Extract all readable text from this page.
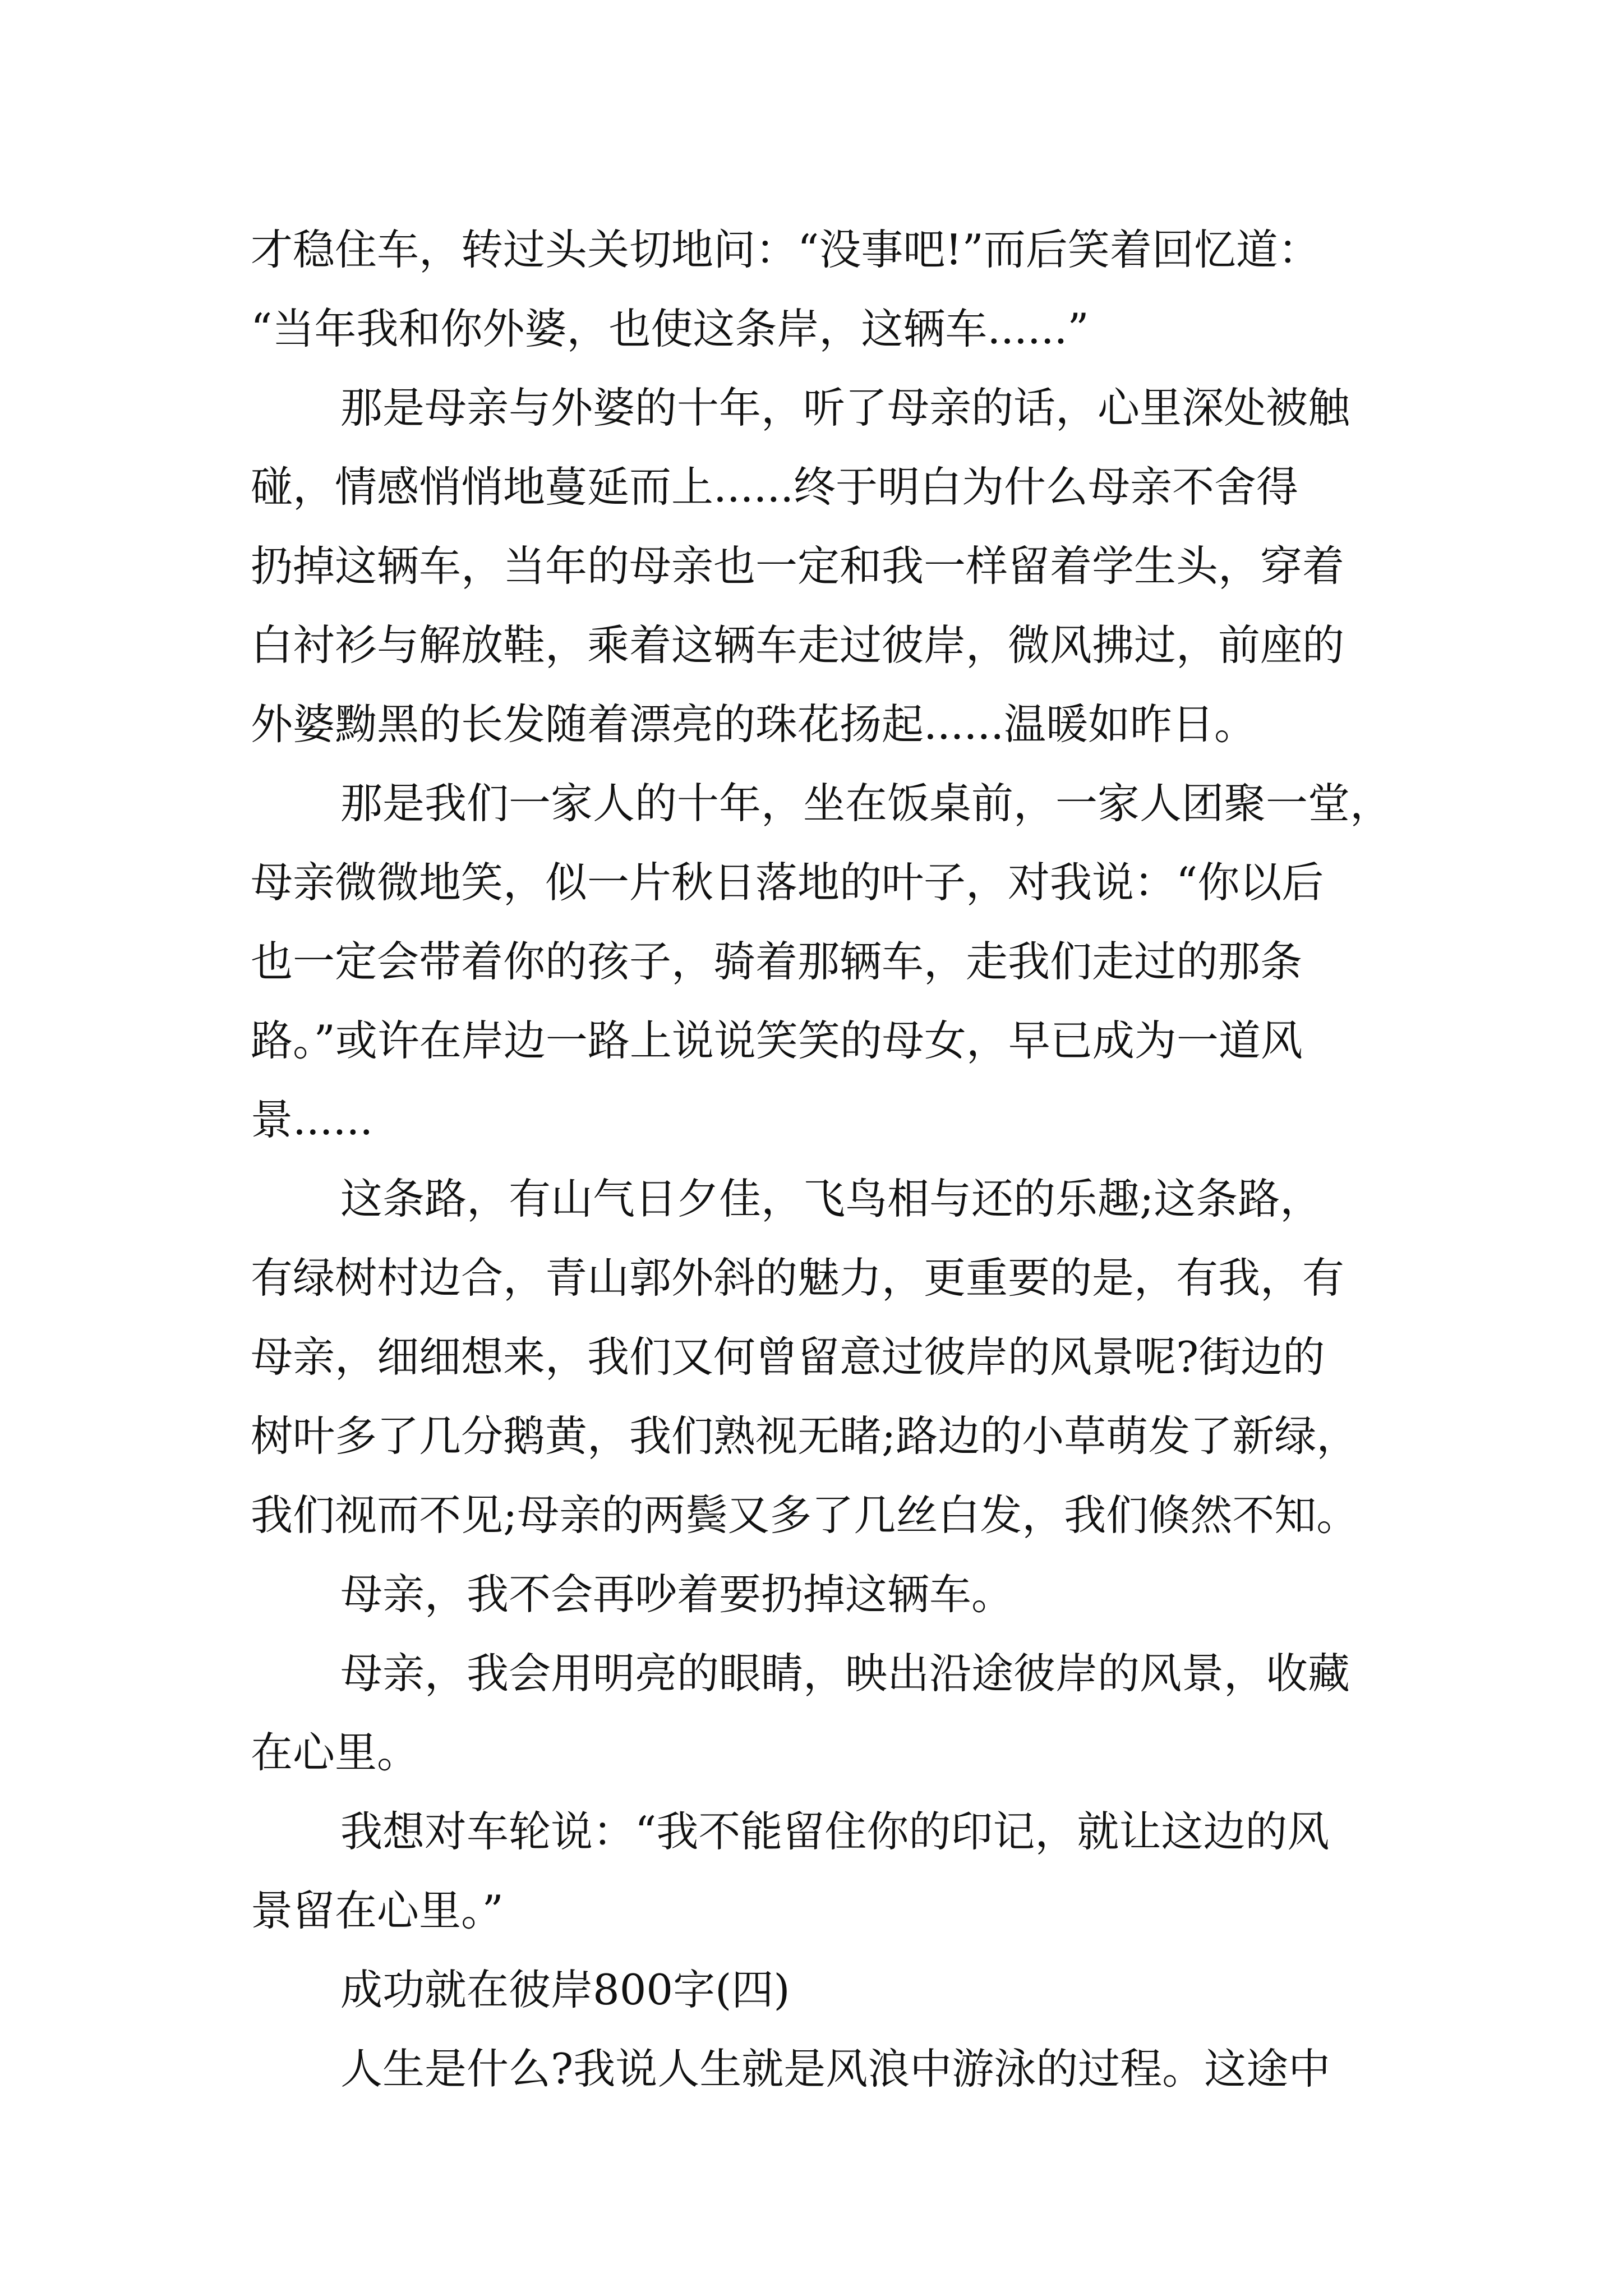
才稳住车，转过头关切地问：“没事吧!”而后笑着回忆道：
“当年我和你外婆，也使这条岸，这辆车......”
那是母亲与外婆的十年，听了母亲的话，心里深处被触
碰，情感悄悄地蔓延而上......终于明白为什么母亲不舍得
扔掉这辆车，当年的母亲也一定和我一样留着学生头，穿着
白衬衫与解放鞋，乘着这辆车走过彼岸，微风拂过，前座的
外婆黝黑的长发随着漂亮的珠花扬起......温暖如昨日。
那是我们一家人的十年，坐在饭桌前，一家人团聚一堂，
母亲微微地笑，似一片秋日落地的叶子，对我说：“你以后
也一定会带着你的孩子，骑着那辆车，走我们走过的那条
路。”或许在岸边一路上说说笑笑的母女，早已成为一道风
景......
这条路，有山气日夕佳，飞鸟相与还的乐趣;这条路，
有绿树村边合，青山郭外斜的魅力，更重要的是，有我，有
母亲，细细想来，我们又何曾留意过彼岸的风景呢?街边的
树叶多了几分鹅黄，我们熟视无睹;路边的小草萌发了新绿，
我们视而不见;母亲的两鬓又多了几丝白发，我们倏然不知。
母亲，我不会再吵着要扔掉这辆车。
母亲，我会用明亮的眼睛，映出沿途彼岸的风景，收藏
在心里。
我想对车轮说：“我不能留住你的印记，就让这边的风
景留在心里。”
成功就在彼岸800字(四)
人生是什么?我说人生就是风浪中游泳的过程。这途中
